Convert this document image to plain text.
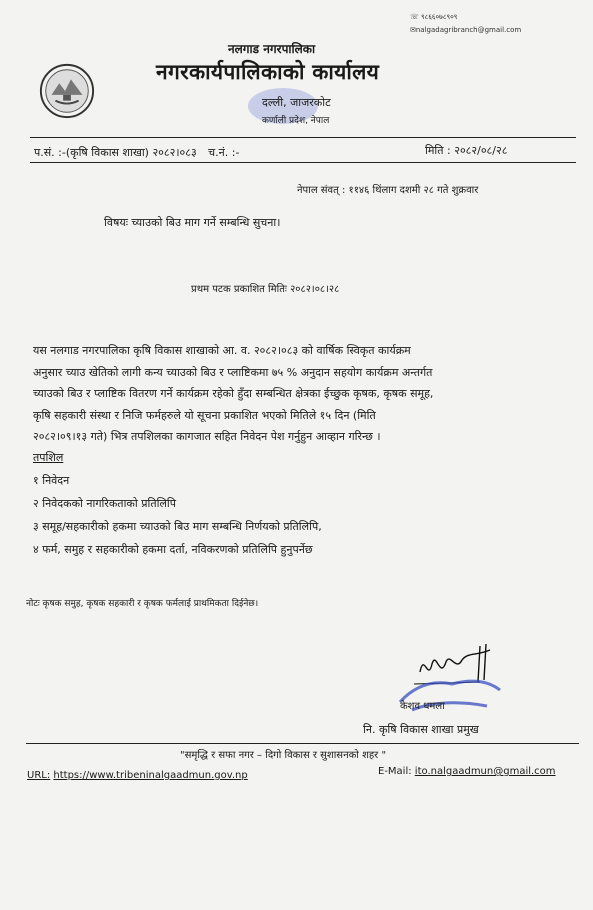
☏ ९८६६०७८९०९
✉nalgadagribranch@gmail.com
नलगाड नगरपालिका
नगरकार्यपालिकाको कार्यालय
दल्ली, जाजरकोट
कर्णाली प्रदेश, नेपाल
प.सं. :-(कृषि विकास शाखा) २०८२।०८३ च.नं. :-	मिति : २०८२/०८/२८
नेपाल संवत् : ११४६ थिंलाग दशमी २८ गते शुक्रवार
विषयः च्याउको बिउ माग गर्ने सम्बन्धि सुचना।
प्रथम पटक प्रकाशित मितिः २०८२।०८।२८

यस नलगाड नगरपालिका कृषि विकास शाखाको आ. व. २०८२।०८३ को वार्षिक स्विकृत कार्यक्रम

अनुसार च्याउ खेतिको लागी कन्य च्याउको बिउ र प्लाष्टिकमा ७५ % अनुदान सहयोग कार्यक्रम अन्तर्गत

च्याउको बिउ र प्लाष्टिक वितरण गर्ने कार्यक्रम रहेको हुँदा सम्बन्धित क्षेत्रका ईच्छुक कृषक, कृषक समूह,

कृषि सहकारी संस्था र निजि फर्महरुले यो सूचना प्रकाशित भएको मितिले १५ दिन (मिति

२०८२।०९।१३ गते) भित्र तपशिलका कागजात सहित निवेदन पेश गर्नुहुन आव्हान गरिन्छ ।

तपशिल
१ निवेदन
२ निवेदकको नागरिकताको प्रतिलिपि
३ समूह/सहकारीको हकमा च्याउको बिउ माग सम्बन्धि निर्णयको प्रतिलिपि,
४ फर्म, समुह र सहकारीको हकमा दर्ता, नविकरणको प्रतिलिपि हुनुपर्नेछ
नोटः कृषक समुह, कृषक सहकारी र कृषक फर्मलाई प्राथमिकता दिईनेछ।
केशव धमला
नि. कृषि विकास शाखा प्रमुख
"समृद्धि र सफा नगर – दिगो विकास र सुशासनको शहर "
URL: https://www.tribeninalgaadmun.gov.np	E-Mail: ito.nalgaadmun@gmail.com
